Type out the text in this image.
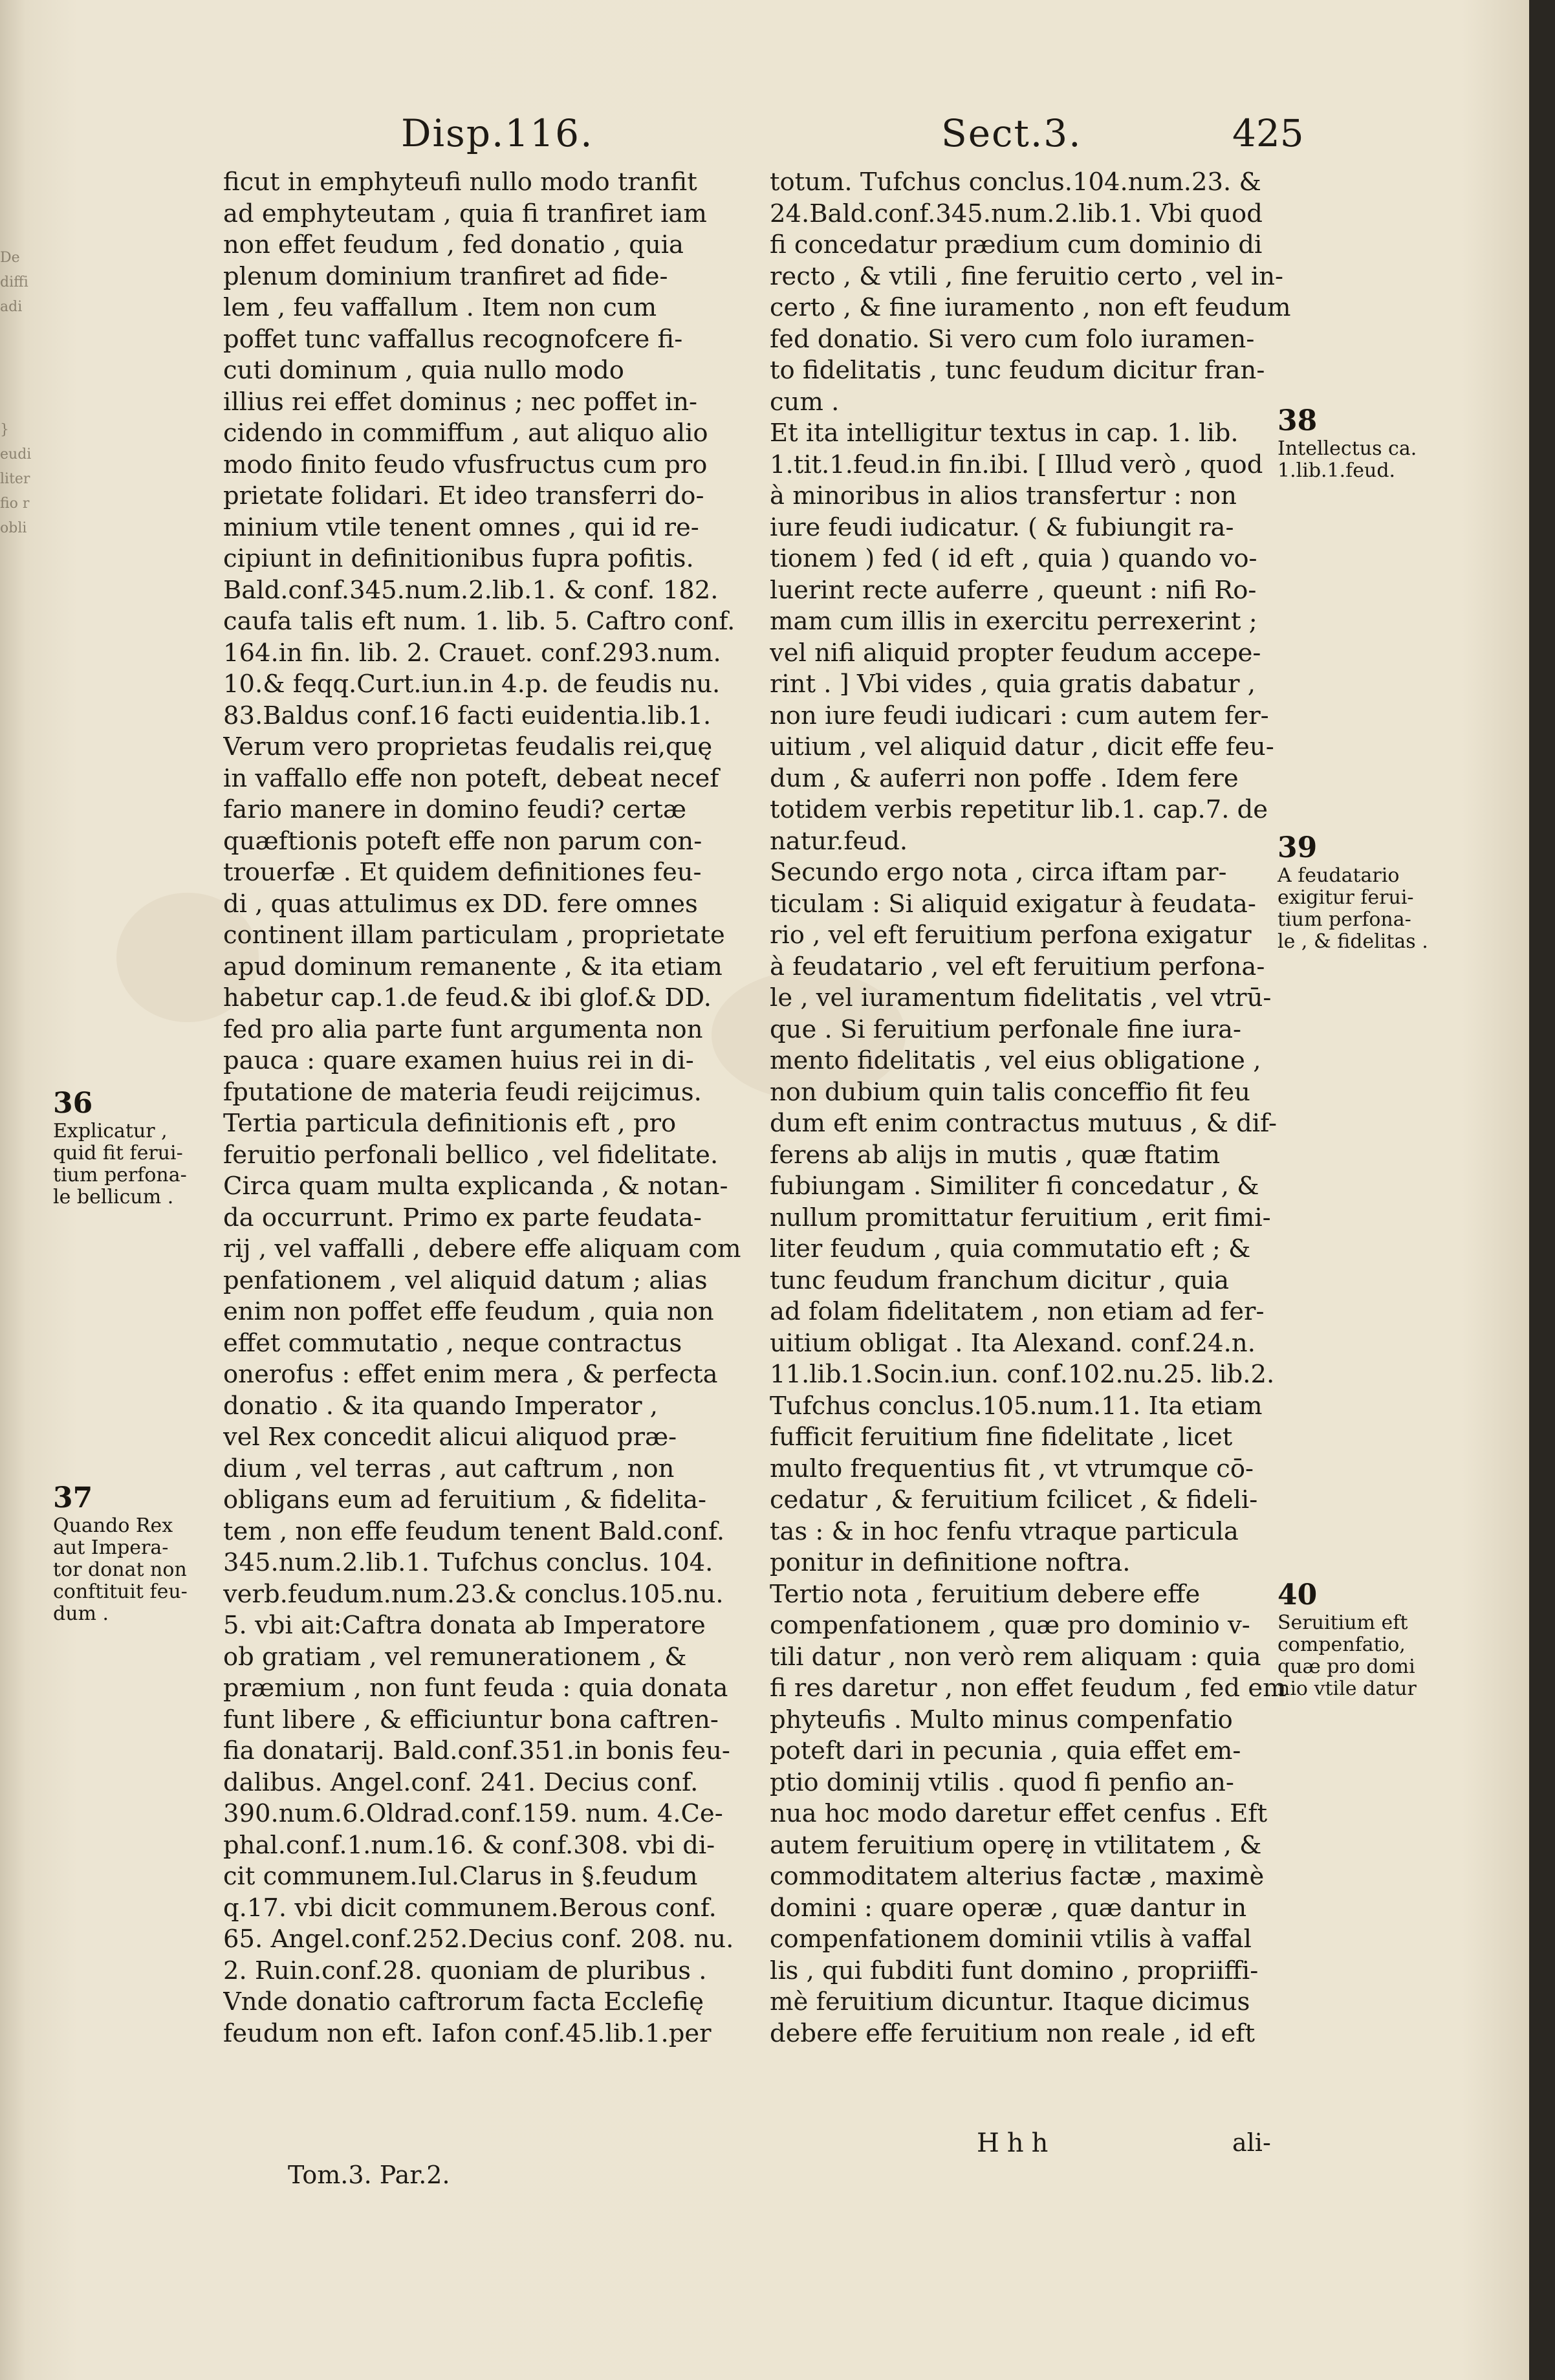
De
diffi
adi

}
eudi
liter
fio r
obli
Disp.116.	Sect.3.	425

ficut in emphyteufi nullo modo tranfit

ad emphyteutam , quia fi tranfiret iam

non effet feudum , fed donatio , quia

plenum dominium tranfiret ad fide-

lem , feu vaffallum . Item non cum

poffet tunc vaffallus recognofcere fi-

cuti dominum , quia nullo modo

illius rei effet dominus ; nec poffet in-

cidendo in commiffum , aut aliquo alio

modo finito feudo vfusfructus cum pro

prietate folidari. Et ideo transferri do-

minium vtile tenent omnes , qui id re-

cipiunt in definitionibus fupra pofitis.

Bald.conf.345.num.2.lib.1. & conf. 182.

caufa talis eft num. 1. lib. 5. Caftro conf.

164.in fin. lib. 2. Crauet. conf.293.num.

10.& feqq.Curt.iun.in 4.p. de feudis nu.

83.Baldus conf.16 facti euidentia.lib.1.

Verum vero proprietas feudalis rei,quę

in vaffallo effe non poteft, debeat necef

fario manere in domino feudi? certæ

quæftionis poteft effe non parum con-

trouerfæ . Et quidem definitiones feu-

di , quas attulimus ex DD. fere omnes

continent illam particulam , proprietate

apud dominum remanente , & ita etiam

habetur cap.1.de feud.& ibi glof.& DD.

fed pro alia parte funt argumenta non

pauca : quare examen huius rei in di-

fputatione de materia feudi reijcimus.

Tertia particula definitionis eft , pro

feruitio perfonali bellico , vel fidelitate.

Circa quam multa explicanda , & notan-

da occurrunt. Primo ex parte feudata-

rij , vel vaffalli , debere effe aliquam com

penfationem , vel aliquid datum ; alias

enim non poffet effe feudum , quia non

effet commutatio , neque contractus

onerofus : effet enim mera , & perfecta

donatio . & ita quando Imperator ,

vel Rex concedit alicui aliquod præ-

dium , vel terras , aut caftrum , non

obligans eum ad feruitium , & fidelita-

tem , non effe feudum tenent Bald.conf.

345.num.2.lib.1. Tufchus conclus. 104.

verb.feudum.num.23.& conclus.105.nu.

5. vbi ait:Caftra donata ab Imperatore

ob gratiam , vel remunerationem , &

præmium , non funt feuda : quia donata

funt libere , & efficiuntur bona caftren-

fia donatarij. Bald.conf.351.in bonis feu-

dalibus. Angel.conf. 241. Decius conf.

390.num.6.Oldrad.conf.159. num. 4.Ce-

phal.conf.1.num.16. & conf.308. vbi di-

cit communem.Iul.Clarus in §.feudum

q.17. vbi dicit communem.Berous conf.

65. Angel.conf.252.Decius conf. 208. nu.

2. Ruin.conf.28. quoniam de pluribus .

Vnde donatio caftrorum facta Ecclefię

feudum non eft. Iafon conf.45.lib.1.per

totum. Tufchus conclus.104.num.23. &

24.Bald.conf.345.num.2.lib.1. Vbi quod

fi concedatur prædium cum dominio di

recto , & vtili , fine feruitio certo , vel in-

certo , & fine iuramento , non eft feudum

fed donatio. Si vero cum folo iuramen-

to fidelitatis , tunc feudum dicitur fran-

cum .

Et ita intelligitur textus in cap. 1. lib.

1.tit.1.feud.in fin.ibi. [ Illud verò , quod

à minoribus in alios transfertur : non

iure feudi iudicatur. ( & fubiungit ra-

tionem ) fed ( id eft , quia ) quando vo-

luerint recte auferre , queunt : nifi Ro-

mam cum illis in exercitu perrexerint ;

vel nifi aliquid propter feudum accepe-

rint . ] Vbi vides , quia gratis dabatur ,

non iure feudi iudicari : cum autem fer-

uitium , vel aliquid datur , dicit effe feu-

dum , & auferri non poffe . Idem fere

totidem verbis repetitur lib.1. cap.7. de

natur.feud.

Secundo ergo nota , circa iftam par-

ticulam : Si aliquid exigatur à feudata-

rio , vel eft feruitium perfona exigatur

à feudatario , vel eft feruitium perfona-

le , vel iuramentum fidelitatis , vel vtrū-

que . Si feruitium perfonale fine iura-

mento fidelitatis , vel eius obligatione ,

non dubium quin talis conceffio fit feu

dum eft enim contractus mutuus , & dif-

ferens ab alijs in mutis , quæ ftatim

fubiungam . Similiter fi concedatur , &

nullum promittatur feruitium , erit fimi-

liter feudum , quia commutatio eft ; &

tunc feudum franchum dicitur , quia

ad folam fidelitatem , non etiam ad fer-

uitium obligat . Ita Alexand. conf.24.n.

11.lib.1.Socin.iun. conf.102.nu.25. lib.2.

Tufchus conclus.105.num.11. Ita etiam

fufficit feruitium fine fidelitate , licet

multo frequentius fit , vt vtrumque cō-

cedatur , & feruitium fcilicet , & fideli-

tas : & in hoc fenfu vtraque particula

ponitur in definitione noftra.

Tertio nota , feruitium debere effe

compenfationem , quæ pro dominio v-

tili datur , non verò rem aliquam : quia

fi res daretur , non effet feudum , fed em

phyteufis . Multo minus compenfatio

poteft dari in pecunia , quia effet em-

ptio dominij vtilis . quod fi penfio an-

nua hoc modo daretur effet cenfus . Eft

autem feruitium operę in vtilitatem , &

commoditatem alterius factæ , maximè

domini : quare operæ , quæ dantur in

compenfationem dominii vtilis à vaffal

lis , qui fubditi funt domino , propriiffi-

mè feruitium dicuntur. Itaque dicimus

debere effe feruitium non reale , id eft

36
Explicatur ,
quid fit ferui-
tium perfona-
le bellicum .
37
Quando Rex
aut Impera-
tor donat non
conftituit feu-
dum .
38
Intellectus ca.
1.lib.1.feud.
39
A feudatario
exigitur ferui-
tium perfona-
le , & fidelitas .
40
Seruitium eft
compenfatio,
quæ pro domi
nio vtile datur
Hhh	ali-
Tom.3. Par.2.
